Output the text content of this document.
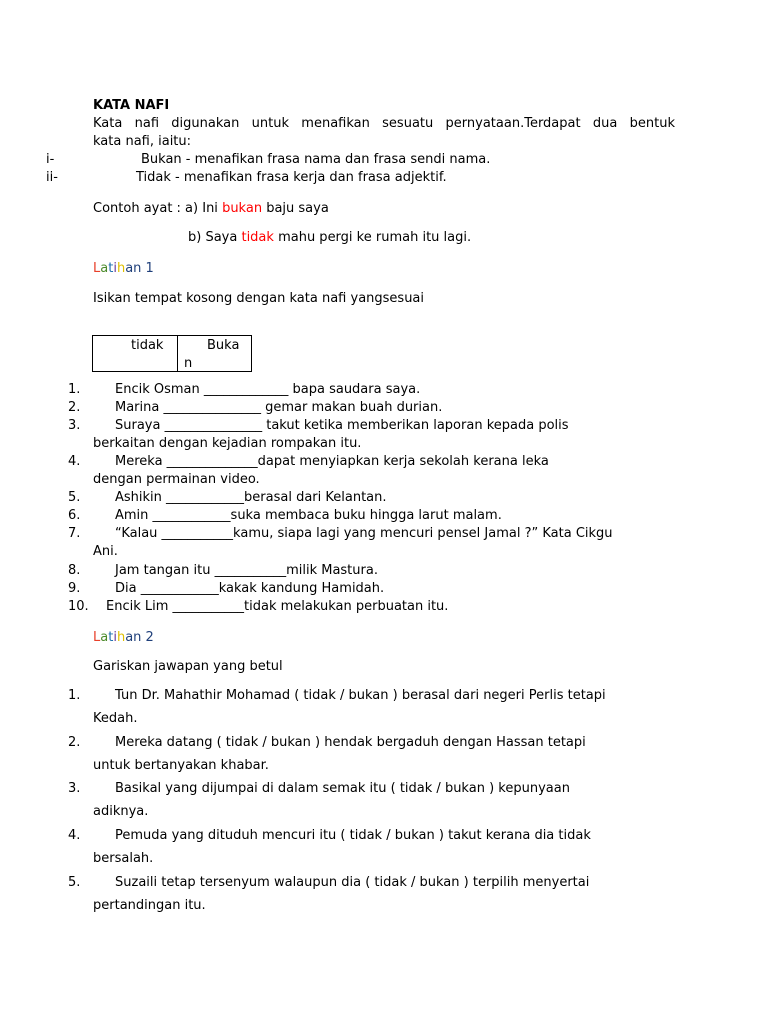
KATA NAFI
Kata nafi digunakan untuk menafikan sesuatu pernyataan.Terdapat dua bentuk
kata nafi, iaitu:
i-	Bukan - menafikan frasa nama dan frasa sendi nama.
ii-	Tidak - menafikan frasa kerja dan frasa adjektif.
Contoh ayat : a) Ini bukan baju saya
b) Saya tidak mahu pergi ke rumah itu lagi.
Latihan 1
Isikan tempat kosong dengan kata nafi yangsesuai
tidak	Buka
n
1.	Encik Osman _____________ bapa saudara saya.
2.	Marina _______________ gemar makan buah durian.
3.	Suraya _______________ takut ketika memberikan laporan kepada polis
berkaitan dengan kejadian rompakan itu.
4.	Mereka ______________dapat menyiapkan kerja sekolah kerana leka
dengan permainan video.
5.	Ashikin ____________berasal dari Kelantan.
6.	Amin ____________suka membaca buku hingga larut malam.
7.	“Kalau ___________kamu, siapa lagi yang mencuri pensel Jamal ?” Kata Cikgu
Ani.
8.	Jam tangan itu ___________milik Mastura.
9.	Dia ____________kakak kandung Hamidah.
10. Encik Lim ___________tidak melakukan perbuatan itu.
Latihan 2
Gariskan jawapan yang betul
1.	Tun Dr. Mahathir Mohamad ( tidak / bukan ) berasal dari negeri Perlis tetapi
Kedah.
2.	Mereka datang ( tidak / bukan ) hendak bergaduh dengan Hassan tetapi
untuk bertanyakan khabar.
3.	Basikal yang dijumpai di dalam semak itu ( tidak / bukan ) kepunyaan
adiknya.
4.	Pemuda yang dituduh mencuri itu ( tidak / bukan ) takut kerana dia tidak
bersalah.
5.	Suzaili tetap tersenyum walaupun dia ( tidak / bukan ) terpilih menyertai
pertandingan itu.
